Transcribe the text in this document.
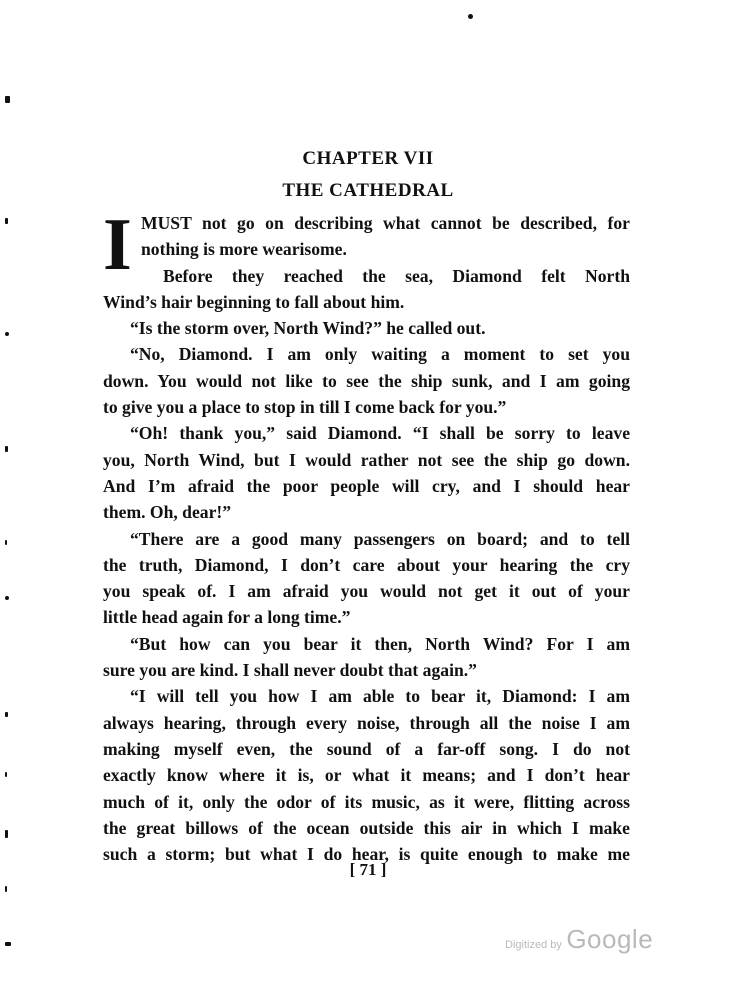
CHAPTER VII
THE CATHEDRAL
I MUST not go on describing what cannot be described, for
nothing is more wearisome.
Before they reached the sea, Diamond felt North
Wind’s hair beginning to fall about him.
“Is the storm over, North Wind?” he called out.
“No, Diamond. I am only waiting a moment to set you
down. You would not like to see the ship sunk, and I am going
to give you a place to stop in till I come back for you.”
“Oh! thank you,” said Diamond. “I shall be sorry to leave
you, North Wind, but I would rather not see the ship go down.
And I’m afraid the poor people will cry, and I should hear
them. Oh, dear!”
“There are a good many passengers on board; and to tell
the truth, Diamond, I don’t care about your hearing the cry
you speak of. I am afraid you would not get it out of your
little head again for a long time.”
“But how can you bear it then, North Wind? For I am
sure you are kind. I shall never doubt that again.”
“I will tell you how I am able to bear it, Diamond: I am
always hearing, through every noise, through all the noise I am
making myself even, the sound of a far-off song. I do not
exactly know where it is, or what it means; and I don’t hear
much of it, only the odor of its music, as it were, flitting across
the great billows of the ocean outside this air in which I make
such a storm; but what I do hear, is quite enough to make me
[ 71 ]
Digitized by Google
